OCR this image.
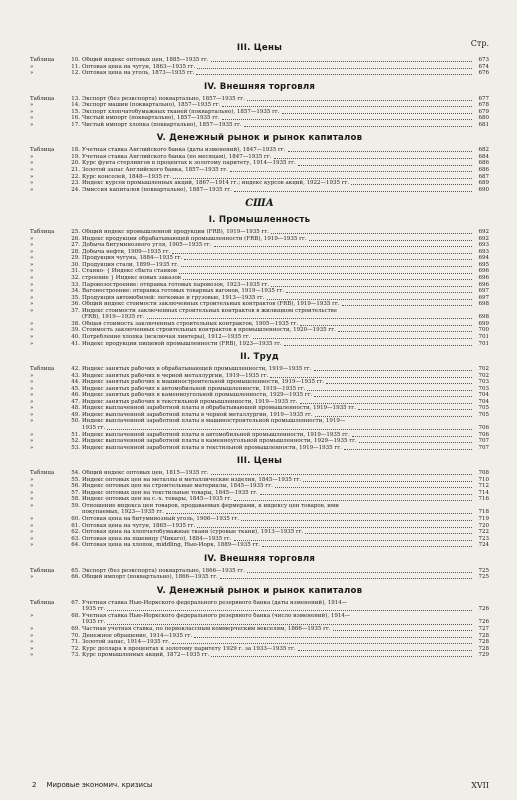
Стр.
III. Цены
Таблица	10. Общий индекс оптовых цен, 1885—1935 гг.	673
»	11. Оптовая цена на чугун, 1863—1935 гг.	674
»	12. Оптовая цена на уголь, 1873—1935 гг.	676
IV. Внешняя торговля
Таблица	13. Экспорт (без реэкспорта) поквартально, 1857—1935 гг.	677
»	14. Экспорт машин (поквартально), 1857—1935 гг.	678
»	15. Экспорт хлопчатобумажных тканей (поквартально), 1857—1935 гг.	679
»	16. Чистый импорт (поквартально), 1857—1935 гг.	680
»	17. Чистый импорт хлопка (поквартально), 1857—1935 гг.	681
V. Денежный рынок и рынок капиталов
Таблица	18. Учетная ставка Английского банка (даты изменений), 1847—1935 гг.	682
»	19. Учетная ставка Английского банка (по месяцам), 1847—1935 гг.	684
»	20. Курс фунта стерлингов в процентах к золотому паритету, 1914—1935 гг.	686
»	21. Золотой запас Английского банка, 1857—1935 гг.	686
»	22. Курс консолей, 1848—1935 гг.	687
»	23. Индекс курсов промышленных акций, 1867—1914 гг.; индекс курсов акций, 1922—1935 гг.	689
»	24. Эмиссия капиталов (поквартально), 1887—1935 гг.	690
США
I. Промышленность
Таблица	25. Общий индекс промышленной продукции (FRB), 1919—1935 гг.	692
»	26. Индекс продукции обрабатывающей промышленности (FRB), 1919—1935 гг.	692
»	27. Добыча битуминозного угля, 1905—1935 гг.	693
»	28. Добыча нефти, 1909—1935 гг.	693
»	29. Продукция чугуна, 1884—1935 гг.	694
»	30. Продукция стали, 1899—1935 гг.	695
»	31. Станко- { Индекс сбыта станков	696
»	32. строение } Индекс новых заказов	696
»	33. Паровозостроение: отправка готовых паровозов, 1923—1935 гг.	696
»	34. Вагоностроение: отправка готовых товарных вагонов, 1919—1935 гг.	697
»	35. Продукция автомобилей: легковые и грузовые, 1913—1935 гг.	697
»	36. Общий индекс стоимости заключенных строительных контрактов (FRB), 1919—1935 гг.	698
»	37. Индекс стоимости заключенных строительных контрактов в жилищном строительстве
(FRB), 1919—1935 гг.	698
»	38. Общая стоимость заключенных строительных контрактов, 1905—1935 гг.	699
»	39. Стоимость заключенных строительных контрактов в промышленности, 1920—1935 гг.	700
»	40. Потребление хлопка (исключая линтеры), 1912—1935 гг.	701
»	41. Индекс продукции пищевой промышленности (FRB), 1923—1935 гг.	701
II. Труд
Таблица	42. Индекс занятых рабочих в обрабатывающей промышленности, 1919—1935 гг.	702
»	43. Индекс занятых рабочих в черной металлургии, 1919—1935 гг.	702
»	44. Индекс занятых рабочих в машиностроительной промышленности, 1919—1935 гг.	703
»	45. Индекс занятых рабочих в автомобильной промышленности, 1919—1935 гг.	703
»	46. Индекс занятых рабочих в каменноугольной промышленности, 1929—1935 гг.	704
»	47. Индекс занятых рабочих в текстильной промышленности, 1919—1935 гг.	704
»	48. Индекс выплаченной заработной платы в обрабатывающей промышленности, 1919—1935 гг.	705
»	49. Индекс выплаченной заработной платы в черной металлургии, 1919—1935 гг.	705
»	50. Индекс выплаченной заработной платы в машиностроительной промышленности, 1919—
1935 гг.	706
»	51. Индекс выплаченной заработной платы в автомобильной промышленности, 1919—1935 гг.	706
»	52. Индекс выплаченной заработной платы в каменноугольной промышленности, 1929—1935 гг.	707
»	53. Индекс выплаченной заработной платы в текстильной промышленности, 1919—1935 гг.	707
III. Цены
Таблица	54. Общий индекс оптовых цен, 1815—1935 гг.	708
»	55. Индекс оптовых цен на металлы и металлические изделия, 1845—1935 гг.	710
»	56. Индекс оптовых цен на строительные материалы, 1845—1935 гг.	712
»	57. Индекс оптовых цен на текстильные товары, 1845—1935 гг.	714
»	58. Индекс оптовых цен на с.-х. товары, 1845—1935 гг.	716
»	59. Отношение индекса цен товаров, продаваемых фермерами, к индексу цен товаров, ими
покупаемых, 1923—1935 гг.	718
»	60. Оптовая цена на битуминозный уголь, 1906—1935 гг.	719
»	61. Оптовая цена на чугун, 1865—1935 гг.	720
»	62. Оптовая цена на хлопчатобумажные ткани (суровые ткани), 1913—1935 гг.	722
»	63. Оптовая цена на пшеницу (Чикаго), 1884—1935 гг.	723
»	64. Оптовая цена на хлопок, middling, Нью-Йорк, 1889—1935 гг.	724
IV. Внешняя торговля
Таблица	65. Экспорт (без реэкспорта) поквартально, 1866—1935 гг.	725
»	66. Общий импорт (поквартально), 1866—1935 гг.	725
V. Денежный рынок и рынок капиталов
Таблица	67. Учетная ставка Нью-Йоркского федерального резервного банка (даты изменений), 1914—
1935 гг.	726
»	68. Учетная ставка Нью-Йоркского федерального резервного банка (число изменений), 1914—
1935 гг.	726
»	69. Частная учетная ставка, по первоклассным коммерческим векселям, 1866—1935 гг.	727
»	70. Денежное обращение, 1914—1935 гг.	728
»	71. Золотой запас, 1914—1935 гг.	728
»	72. Курс доллара в процентах к золотому паритету 1929 г. за 1933—1935 гг.	728
»	73. Курс промышленных акций, 1872—1935 гг.	729
2 Мировые экономич. кризисы	XVII
